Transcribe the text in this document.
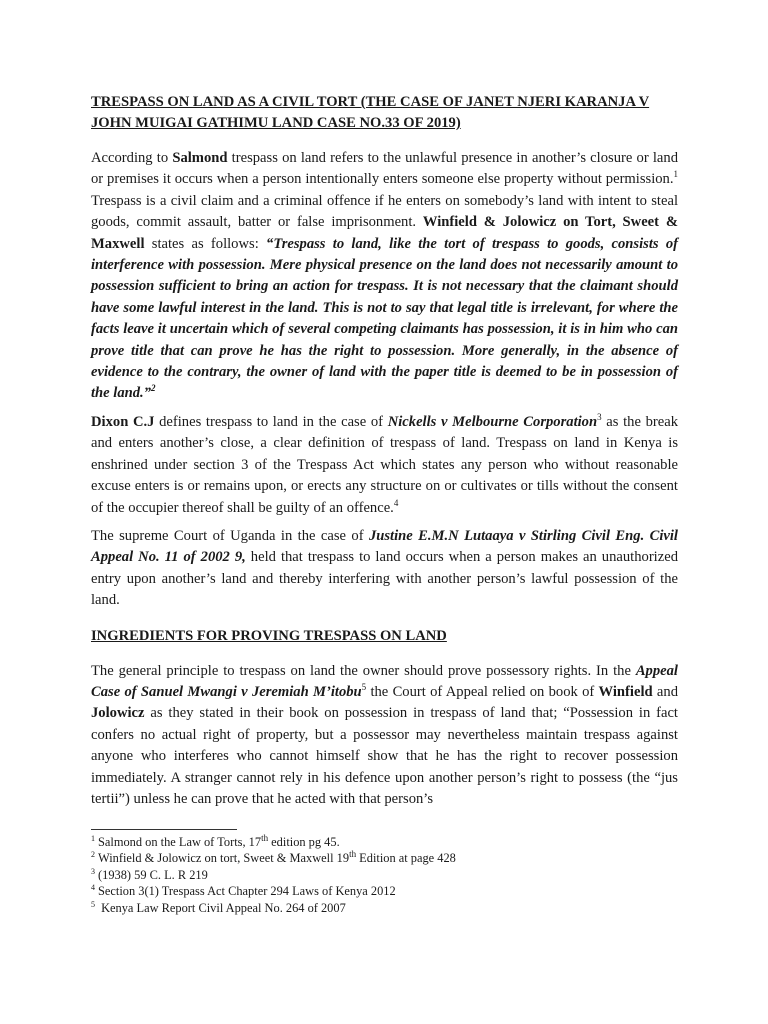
TRESPASS ON LAND AS A CIVIL TORT (THE CASE OF JANET NJERI KARANJA V JOHN MUIGAI GATHIMU LAND CASE NO.33 OF 2019)

According to Salmond trespass on land refers to the unlawful presence in another’s closure or land or premises it occurs when a person intentionally enters someone else property without permission.$^1$ Trespass is a civil claim and a criminal offence if he enters on somebody’s land with intent to steal goods, commit assault, batter or false imprisonment. Winfield & Jolowicz on Tort, Sweet & Maxwell states as follows: “Trespass to land, like the tort of trespass to goods, consists of interference with possession. Mere physical presence on the land does not necessarily amount to possession sufficient to bring an action for trespass. It is not necessary that the claimant should have some lawful interest in the land. This is not to say that legal title is irrelevant, for where the facts leave it uncertain which of several competing claimants has possession, it is in him who can prove title that can prove he has the right to possession. More generally, in the absence of evidence to the contrary, the owner of land with the paper title is deemed to be in possession of the land.”$^2$

Dixon C.J defines trespass to land in the case of Nickells v Melbourne Corporation$^3$ as the break and enters another’s close, a clear definition of trespass of land. Trespass on land in Kenya is enshrined under section 3 of the Trespass Act which states any person who without reasonable excuse enters is or remains upon, or erects any structure on or cultivates or tills without the consent of the occupier thereof shall be guilty of an offence.$^4$

The supreme Court of Uganda in the case of Justine E.M.N Lutaaya v Stirling Civil Eng. Civil Appeal No. 11 of 2002 9, held that trespass to land occurs when a person makes an unauthorized entry upon another’s land and thereby interfering with another person’s lawful possession of the land.

INGREDIENTS FOR PROVING TRESPASS ON LAND

The general principle to trespass on land the owner should prove possessory rights. In the Appeal Case of Sanuel Mwangi v Jeremiah M’itobu$^5$ the Court of Appeal relied on book of Winfield and Jolowicz as they stated in their book on possession in trespass of land that; “Possession in fact confers no actual right of property, but a possessor may nevertheless maintain trespass against anyone who interferes who cannot himself show that he has the right to recover possession immediately. A stranger cannot rely in his defence upon another person’s right to possess (the “jus tertii”) unless he can prove that he acted with that person’s

$^1$ Salmond on the Law of Torts, 17th edition pg 45.

$^2$ Winfield & Jolowicz on tort, Sweet & Maxwell 19th Edition at page 428

$^3$ (1938) 59 C. L. R 219

$^4$ Section 3(1) Trespass Act Chapter 294 Laws of Kenya 2012

$^5$ Kenya Law Report Civil Appeal No. 264 of 2007
